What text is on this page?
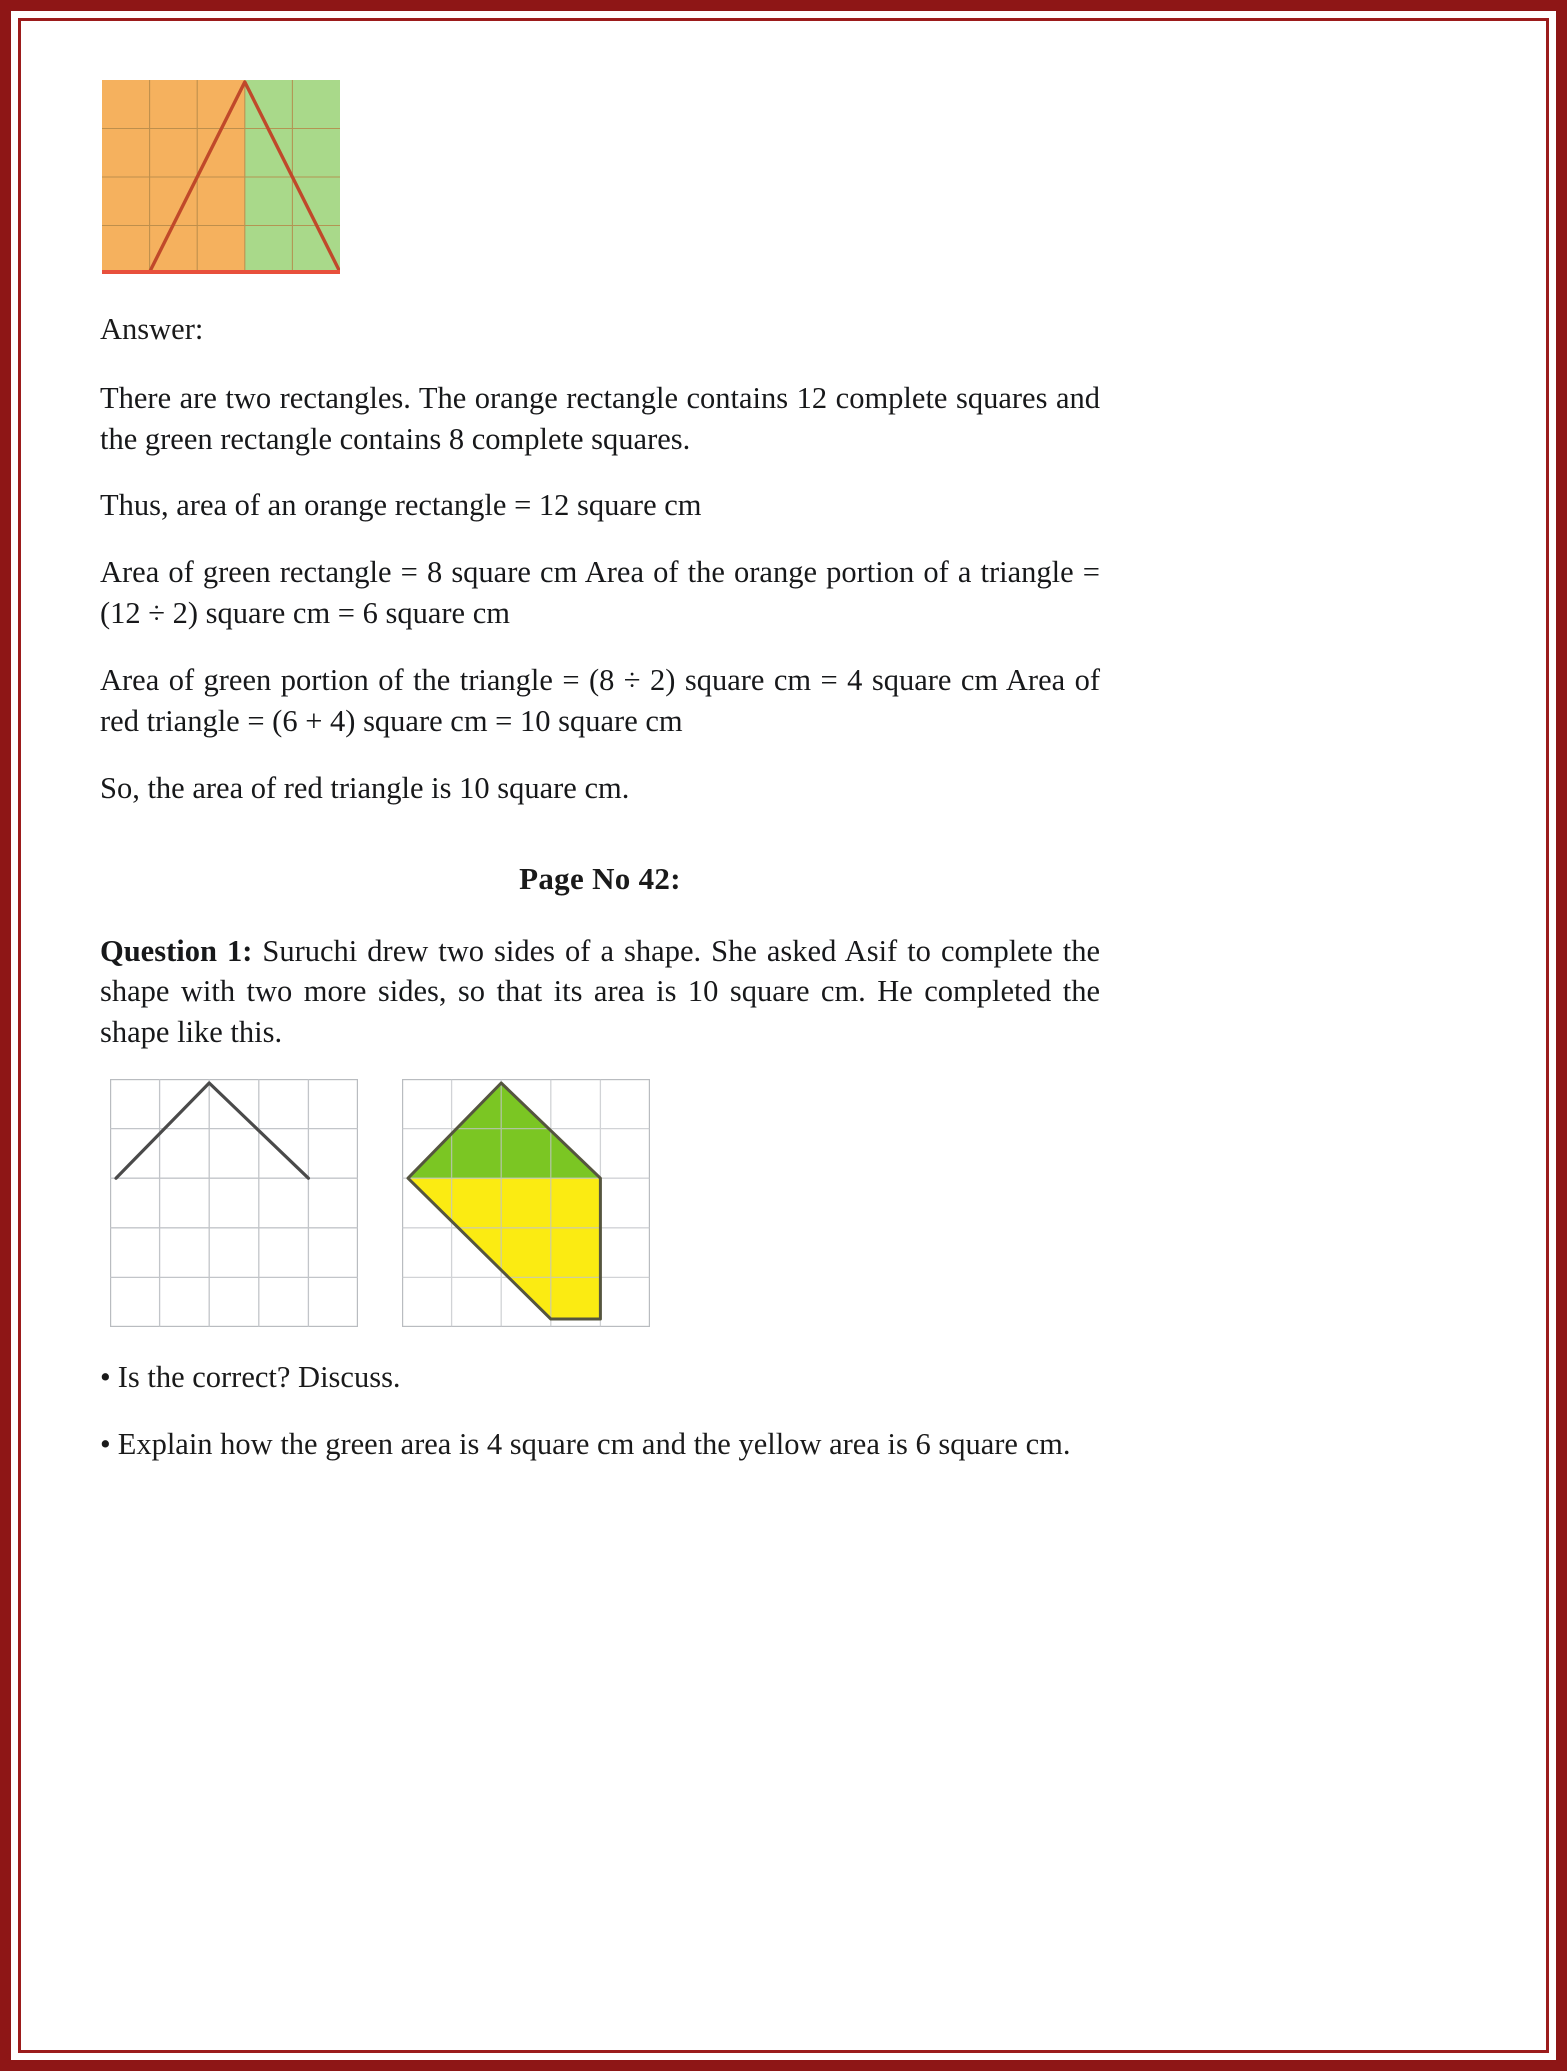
Answer:

There are two rectangles. The orange rectangle contains 12 complete squares and the green rectangle contains 8 complete squares.

Thus, area of an orange rectangle = 12 square cm

Area of green rectangle = 8 square cm Area of the orange portion of a triangle = (12 ÷ 2) square cm = 6 square cm

Area of green portion of the triangle = (8 ÷ 2) square cm = 4 square cm Area of red triangle = (6 + 4) square cm = 10 square cm

So, the area of red triangle is 10 square cm.

Page No 42:

Question 1: Suruchi drew two sides of a shape. She asked Asif to complete the shape with two more sides, so that its area is 10 square cm. He completed the shape like this.

• Is the correct? Discuss.
• Explain how the green area is 4 square cm and the yellow area is 6 square cm.
